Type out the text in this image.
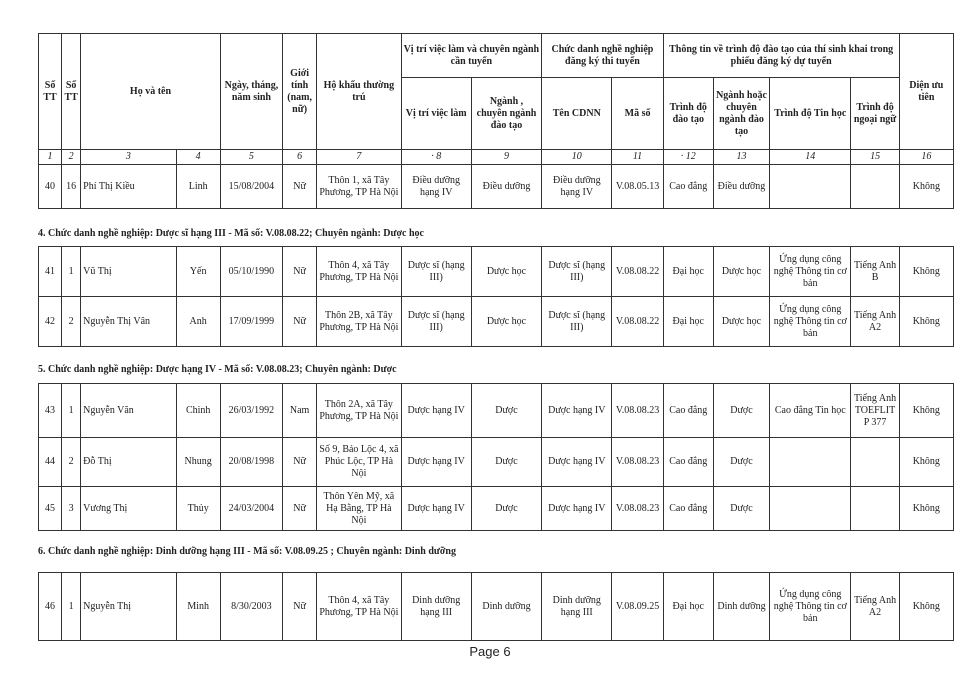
Số TT	Số TT	Họ và tên		Ngày, tháng, năm sinh	Giới tính (nam, nữ)	Hộ khẩu thường trú	Vị trí việc làm và chuyên ngành cần tuyển		Chức danh nghề nghiệp đăng ký thi tuyển		Thông tin về trình độ đào tạo của thí sinh khai trong phiếu đăng ký dự tuyển				Diện ưu tiên
							Vị trí việc làm	Ngành , chuyên ngành đào tạo	Tên CDNN	Mã số	Trình độ đào tạo	Ngành hoặc chuyên ngành đào tạo	Trình độ Tin học	Trình độ ngoại ngữ	
1	2	3	4	5	6	7	· 8	9	10	11	· 12	13	14	15	16
40	16	Phí Thị Kiều	Linh	15/08/2004	Nữ	Thôn 1, xã Tây Phương, TP Hà Nội	Điều dưỡng hạng IV	Điều dưỡng	Điều dưỡng hạng IV	V.08.05.13	Cao đẳng	Điều dưỡng			Không
4. Chức danh nghề nghiệp: Dược sĩ hạng III - Mã số: V.08.08.22; Chuyên ngành: Dược học
41	1	Vũ Thị	Yến	05/10/1990	Nữ	Thôn 4, xã Tây Phương, TP Hà Nội	Dược sĩ (hạng III)	Dược học	Dược sĩ (hạng III)	V.08.08.22	Đại học	Dược học	Ứng dụng công nghệ Thông tin cơ bản	Tiếng Anh B	Không
42	2	Nguyễn Thị Vân	Anh	17/09/1999	Nữ	Thôn 2B, xã Tây Phương, TP Hà Nội	Dược sĩ (hạng III)	Dược học	Dược sĩ (hạng III)	V.08.08.22	Đại học	Dược học	Ứng dụng công nghệ Thông tin cơ bản	Tiếng Anh A2	Không
5. Chức danh nghề nghiệp: Dược hạng IV - Mã số: V.08.08.23; Chuyên ngành: Dược
43	1	Nguyễn Văn	Chinh	26/03/1992	Nam	Thôn 2A, xã Tây Phương, TP Hà Nội	Dược hạng IV	Dược	Dược hạng IV	V.08.08.23	Cao đẳng	Dược	Cao đẳng Tin học	Tiếng Anh TOEFLIT P 377	Không
44	2	Đỗ Thị	Nhung	20/08/1998	Nữ	Số 9, Bảo Lộc 4, xã Phúc Lộc, TP Hà Nội	Dược hạng IV	Dược	Dược hạng IV	V.08.08.23	Cao đẳng	Dược			Không
45	3	Vương Thị	Thủy	24/03/2004	Nữ	Thôn Yên Mỹ, xã Hạ Bằng, TP Hà Nội	Dược hạng IV	Dược	Dược hạng IV	V.08.08.23	Cao đẳng	Dược			Không
6. Chức danh nghề nghiệp: Dinh dưỡng hạng III - Mã số: V.08.09.25 ; Chuyên ngành: Dinh dưỡng
46	1	Nguyễn Thị	Minh	8/30/2003	Nữ	Thôn 4, xã Tây Phương, TP Hà Nội	Dinh dưỡng hạng III	Dinh dưỡng	Dinh dưỡng hạng III	V.08.09.25	Đại học	Dinh dưỡng	Ứng dụng công nghệ Thông tin cơ bản	Tiếng Anh A2	Không
Page 6
